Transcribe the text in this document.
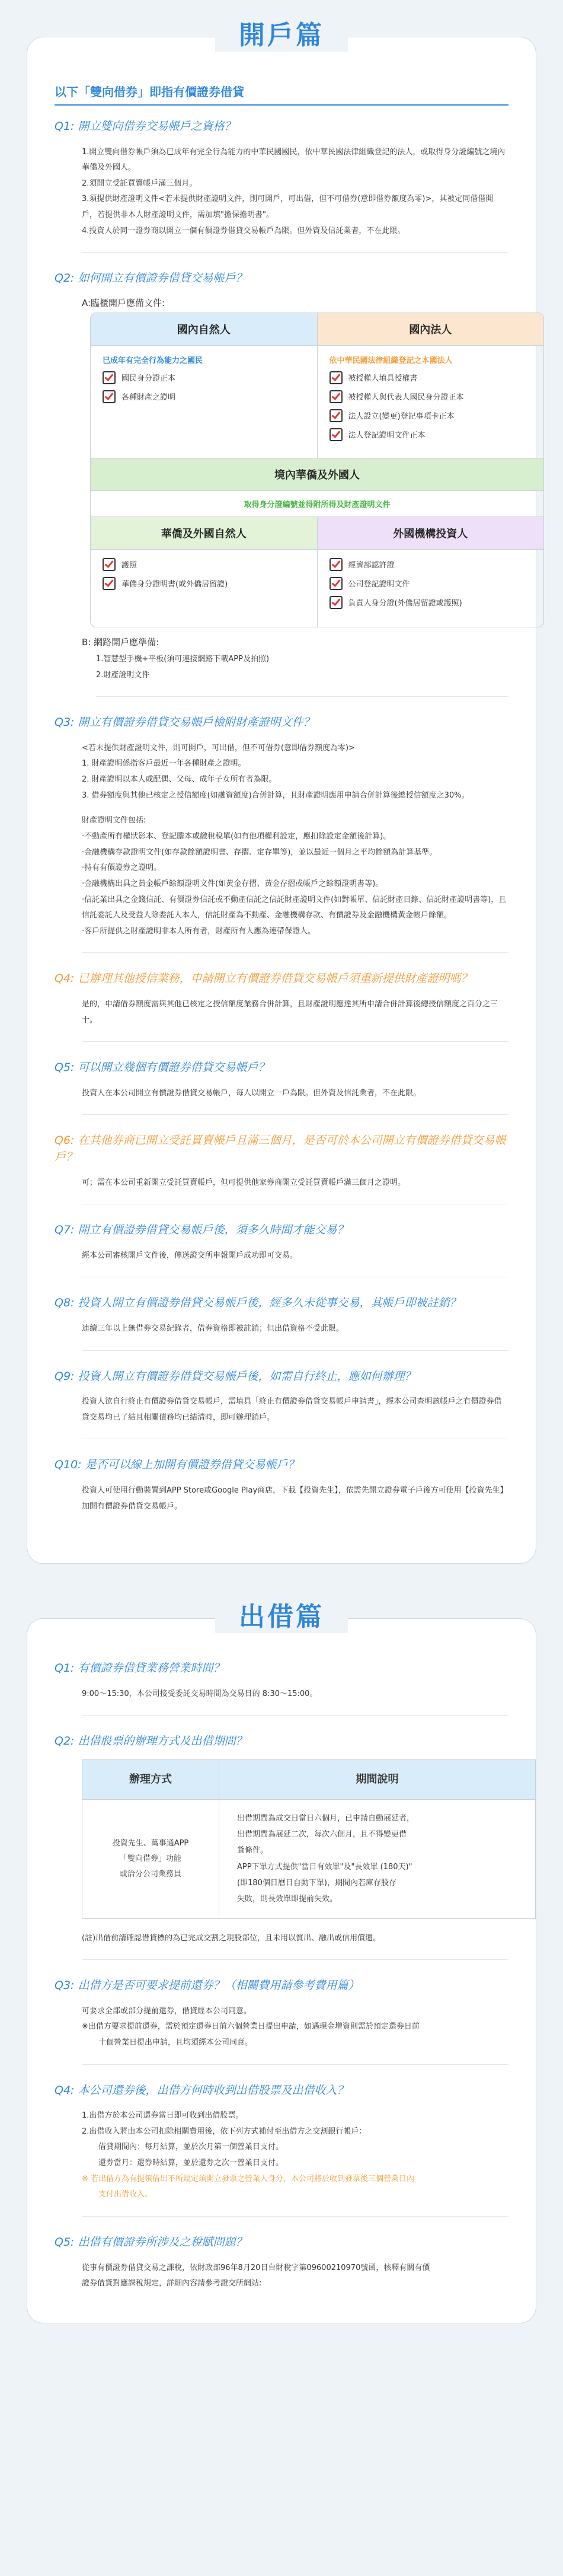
開戶篇
以下「雙向借券」即指有價證券借貸
Q1: 開立雙向借券交易帳戶之資格？

1.開立雙向借券帳戶須為已成年有完全行為能力的中華民國國民，依中華民國法律組織登記的法人，或取得身分證編號之境內華僑及外國人。

2.須開立受託買賣帳戶滿三個月。

3.須提供財產證明文件<若未提供財產證明文件，則可開戶，可出借，但不可借券(意即借券額度為零)>，其被定同借借開戶，若提供非本人財產證明文件，需加填"擔保擔明書"。

4.投資人於同一證券商以開立一個有價證券借貸交易帳戶為限。但外資及信託業者，不在此限。

Q2: 如何開立有價證券借貸交易帳戶？
A:臨櫃開戶應備文件:
國內自然人
已成年有完全行為能力之國民
國民身分證正本
各種財產之證明
國內法人
依中華民國法律組織登記之本國法人
被授權人填具授權書
被授權人與代表人國民身分證正本
法人設立(變更)登記事項卡正本
法人登記證明文件正本
境內華僑及外國人
取得身分證編號並得附所得及財產證明文件
華僑及外國自然人
護照
華僑身分證明書(或外僑居留證)
外國機構投資人
經濟部認許證
公司登記證明文件
負責人身分證(外僑居留證或護照)
B: 網路開戶應準備:

1.智慧型手機+平板(須可連接網路下載APP及拍照)

2.財產證明文件

Q3: 開立有價證券借貸交易帳戶檢附財產證明文件？

<若未提供財產證明文件，則可開戶，可出借，但不可借券(意即借券額度為零)>

1. 財產證明係指客戶最近一年各種財產之證明。

2. 財產證明以本人或配偶、父母、成年子女所有者為限。

3. 借券額度與其他已核定之授信額度(如融資額度)合併計算，且財產證明應用申請合併計算後總授信額度之30%。

財產證明文件包括:

‧不動產所有權狀影本、登記謄本或繳稅稅單(如有他項權利設定，應扣除設定金額後計算)。

‧金融機構存款證明文件(如存款餘額證明書、存摺、定存單等)，並以最近一個月之平均餘額為計算基準。

‧持有有價證券之證明。

‧金融機構出具之黃金帳戶餘額證明文件(如黃金存摺、黃金存摺或帳戶之餘額證明書等)。

‧信託業出具之金錢信託、有價證券信託或不動產信託之信託財產證明文件(如對帳單、信託財產目錄、信託財產證明書等)，且信託委託人及受益人除委託人本人，信託財產為不動產、金融機構存款、有價證券及金融機構黃金帳戶餘額。

‧客戶所提供之財產證明非本人所有者，財產所有人應為連帶保證人。

Q4: 已辦理其他授信業務，申請開立有價證券借貸交易帳戶須重新提供財產證明嗎？

是的，申請借券額度需與其他已核定之授信額度業務合併計算，且財產證明應達其所申請合併計算後總授信額度之百分之三十。

Q5: 可以開立幾個有價證券借貸交易帳戶？

投資人在本公司開立有價證券借貸交易帳戶，每人以開立一戶為限。但外資及信託業者，不在此限。

Q6: 在其他券商已開立受託買賣帳戶且滿三個月，是否可於本公司開立有價證券借貸交易帳戶？

可；需在本公司重新開立受託買賣帳戶，但可提供他家券商開立受託買賣帳戶滿三個月之證明。

Q7: 開立有價證券借貸交易帳戶後，須多久時間才能交易？

經本公司審核開戶文件後，傳送證交所申報開戶成功即可交易。

Q8: 投資人開立有價證券借貸交易帳戶後，經多久未從事交易，其帳戶即被註銷？

連續三年以上無借券交易紀錄者，借券資格即被註銷；但出借資格不受此限。

Q9: 投資人開立有價證券借貸交易帳戶後，如需自行終止，應如何辦理？

投資人欲自行終止有價證券借貸交易帳戶，需填具「終止有價證券借貸交易帳戶申請書」，經本公司查明該帳戶之有價證券借貸交易均已了結且相關債務均已結清時，即可辦理銷戶。

Q10: 是否可以線上加開有價證券借貸交易帳戶？

投資人可使用行動裝置到APP Store或Google Play商店，下載【投資先生】，依需先開立證券電子戶後方可使用【投資先生】加開有價證券借貸交易帳戶。

出借篇
Q1: 有價證券借貸業務營業時間？

9:00～15:30，本公司接受委託交易時間為交易日的 8:30～15:00。

Q2: 出借股票的辦理方式及出借期間？
辦理方式	期間說明
投資先生、萬事通APP
「雙向借券」功能
或洽分公司業務員
出借期間為成交日當日六個月，已申請自動展延者，
出借期間為展延二次，每次六個月，且不得變更借
貸條件。
APP下單方式提供"當日有效單"及"長效單 (180天)"
(即180個日曆日自動下單)，期間內若庫存股存
失敗，則長效單即提前失效。

(註)出借前請確認借貸標的為已完成交割之現股部位，且未用以質出、融出或信用償還。

Q3: 出借方是否可要求提前還券？（相關費用請參考費用篇）

可要求全部或部分提前還券，借貸經本公司同意。

※出借方要求提前還券，需於預定還券日前六個營業日提出申請，如遇現金增資則需於預定還券日前

十個營業日提出申請，且均須經本公司同意。

Q4: 本公司還券後，出借方何時收到出借股票及出借收入？

1.出借方於本公司還券當日即可收到出借股票。

2.出借收入將由本公司扣除相關費用後，依下列方式補付至出借方之交割銀行帳戶：

借貸期間內：每月結算，並於次月第一個營業日支付。

還券當月：還券時結算，並於還券之次一營業日支付。

※ 若出借方為有提領借出不所規定須開立發票之營業人身分，本公司將於收到發票後三個營業日內

支付出借收入。

Q5: 出借有價證券所涉及之稅賦問題？

從事有價證券借貸交易之課稅，依財政部96年8月20日台財稅字第09600210970號函，核釋有關有價

證券借貸對應課稅規定，詳細內容請參考證交所網站:
